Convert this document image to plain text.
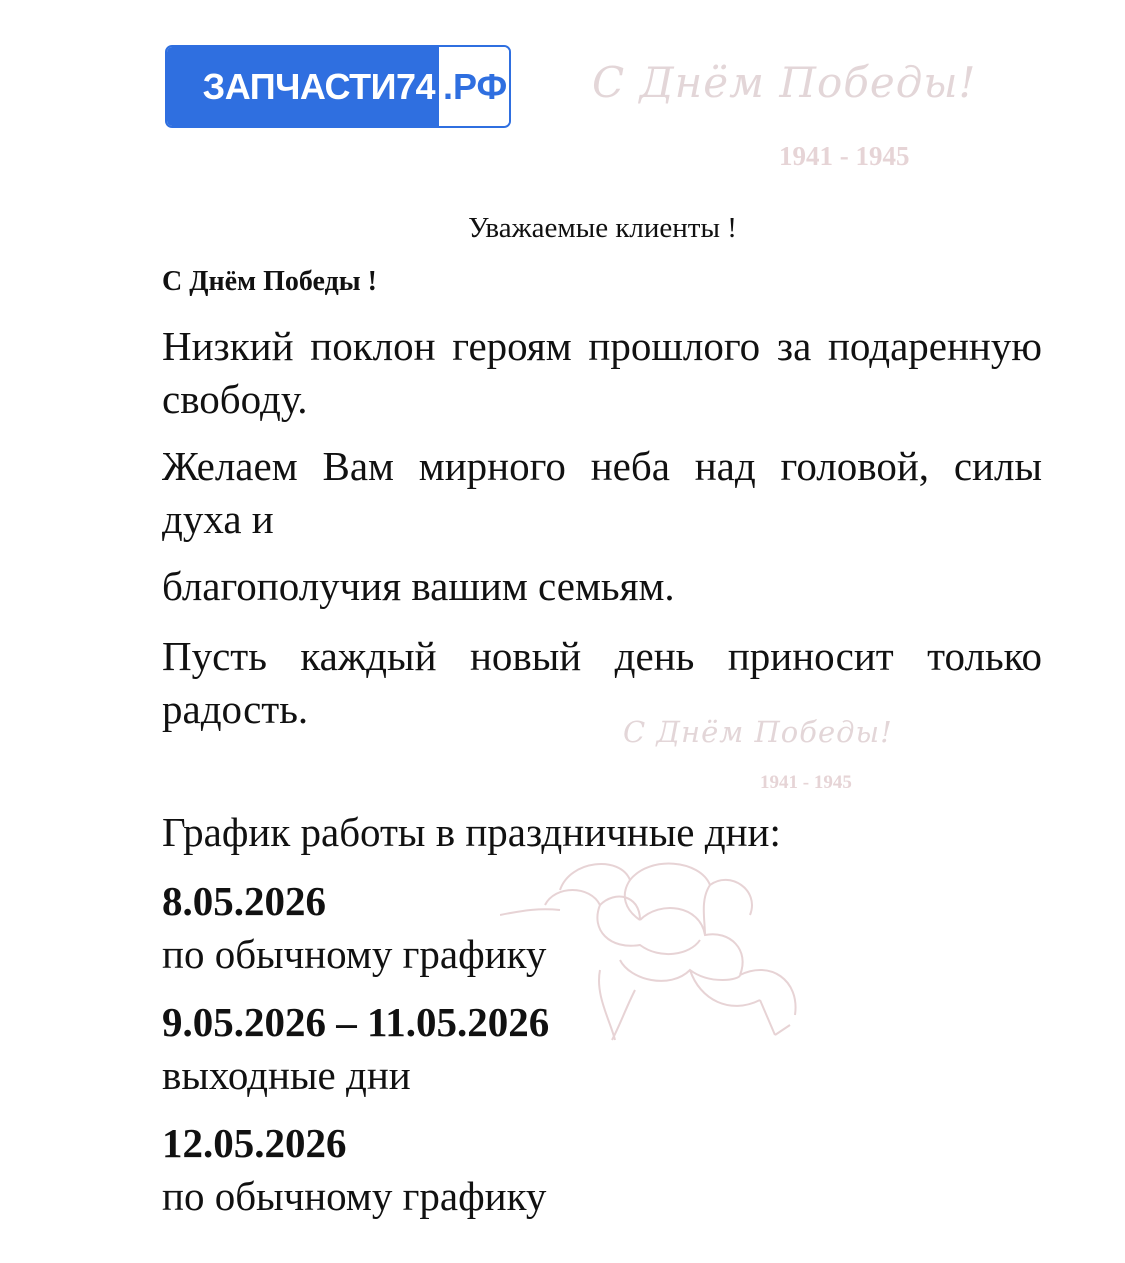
ЗАПЧАСТИ74 .РФ С Днём Победы!
1941 - 1945
Уважаемые клиенты !
С Днём Победы !
Низкий поклон героям прошлого за подаренную свободу.
Желаем Вам мирного неба над головой, силы духа и
благополучия вашим семьям.
Пусть каждый новый день приносит только радость.	С Днём Победы!
1941 - 1945
График работы в праздничные дни:
8.05.2026
по обычному графику
9.05.2026 – 11.05.2026
выходные дни
12.05.2026
по обычному графику
